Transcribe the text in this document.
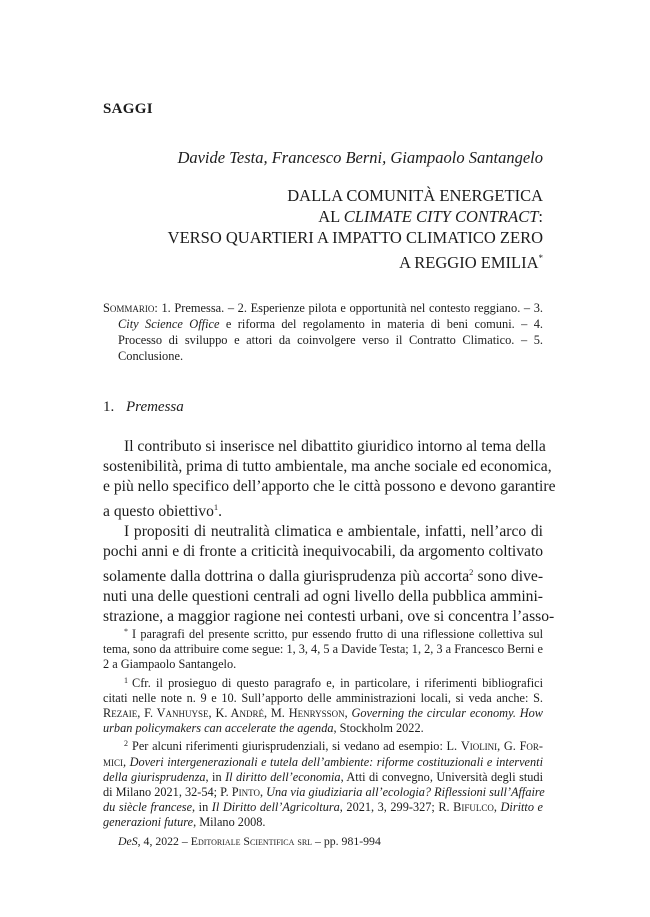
SAGGI
Davide Testa, Francesco Berni, Giampaolo Santangelo
DALLA COMUNITÀ ENERGETICA
AL CLIMATE CITY CONTRACT:
VERSO QUARTIERI A IMPATTO CLIMATICO ZERO
A REGGIO EMILIA*

Sommario: 1. Premessa. – 2. Esperienze pilota e opportunità nel contesto reggiano. – 3. City Science Office e riforma del regolamento in materia di beni comuni. – 4. Processo di sviluppo e attori da coinvolgere verso il Contratto Climatico. – 5. Conclusione.

1. Premessa
Il contributo si inserisce nel dibattito giuridico intorno al tema della
sostenibilità, prima di tutto ambientale, ma anche sociale ed economica,
e più nello specifico dell’apporto che le città possono e devono garantire
a questo obiettivo$^1$.
I propositi di neutralità climatica e ambientale, infatti, nell’arco di
pochi anni e di fronte a criticità inequivocabili, da argomento coltivato
solamente dalla dottrina o dalla giurisprudenza più accorta$^2$ sono dive-
nuti una delle questioni centrali ad ogni livello della pubblica ammini-
strazione, a maggior ragione nei contesti urbani, ove si concentra l’asso-
* I paragrafi del presente scritto, pur essendo frutto di una riflessione collettiva sul
tema, sono da attribuire come segue: 1, 3, 4, 5 a Davide Testa; 1, 2, 3 a Francesco Berni e
2 a Giampaolo Santangelo.
$^1$ Cfr. il prosieguo di questo paragrafo e, in particolare, i riferimenti bibliografici
citati nelle note n. 9 e 10. Sull’apporto delle amministrazioni locali, si veda anche: S.
Rezaie, F. Vanhuyse, K. André, M. Henrysson, Governing the circular economy. How
urban policymakers can accelerate the agenda, Stockholm 2022.
$^2$ Per alcuni riferimenti giurisprudenziali, si vedano ad esempio: L. Violini, G. For-
mici, Doveri intergenerazionali e tutela dell’ambiente: riforme costituzionali e interventi
della giurisprudenza, in Il diritto dell’economia, Atti di convegno, Università degli studi
di Milano 2021, 32-54; P. Pinto, Una via giudiziaria all’ecologia? Riflessioni sull’Affaire
du siècle francese, in Il Diritto dell’Agricoltura, 2021, 3, 299-327; R. Bifulco, Diritto e
generazioni future, Milano 2008.
DeS, 4, 2022 – Editoriale Scientifica srl – pp. 981-994
